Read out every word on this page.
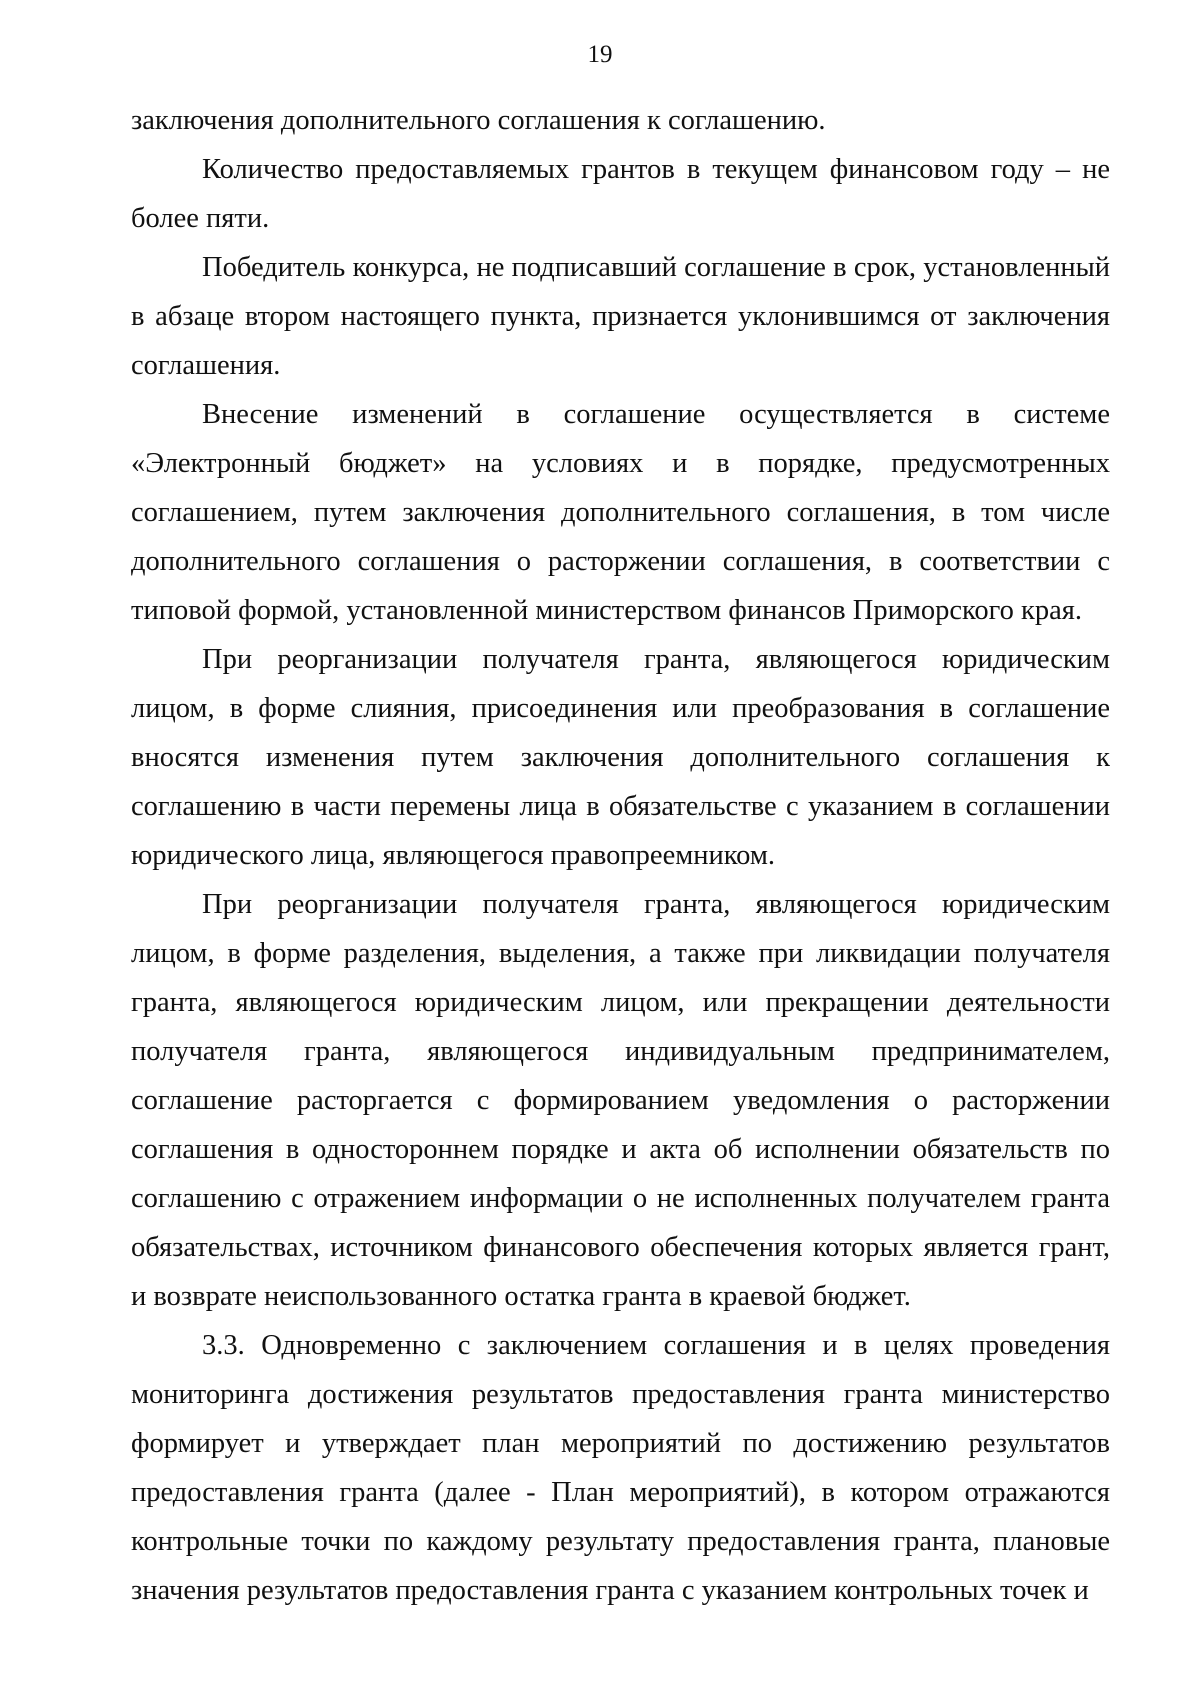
19

заключения дополнительного соглашения к соглашению.

Количество предоставляемых грантов в текущем финансовом году – не более пяти.

Победитель конкурса, не подписавший соглашение в срок, установленный в абзаце втором настоящего пункта, признается уклонившимся от заключения соглашения.

Внесение изменений в соглашение осуществляется в системе «Электронный бюджет» на условиях и в порядке, предусмотренных соглашением, путем заключения дополнительного соглашения, в том числе дополнительного соглашения о расторжении соглашения, в соответствии с типовой формой, установленной министерством финансов Приморского края.

При реорганизации получателя гранта, являющегося юридическим лицом, в форме слияния, присоединения или преобразования в соглашение вносятся изменения путем заключения дополнительного соглашения к соглашению в части перемены лица в обязательстве с указанием в соглашении юридического лица, являющегося правопреемником.

При реорганизации получателя гранта, являющегося юридическим лицом, в форме разделения, выделения, а также при ликвидации получателя гранта, являющегося юридическим лицом, или прекращении деятельности получателя гранта, являющегося индивидуальным предпринимателем, соглашение расторгается с формированием уведомления о расторжении соглашения в одностороннем порядке и акта об исполнении обязательств по соглашению с отражением информации о не исполненных получателем гранта обязательствах, источником финансового обеспечения которых является грант, и возврате неиспользованного остатка гранта в краевой бюджет.

3.3. Одновременно с заключением соглашения и в целях проведения мониторинга достижения результатов предоставления гранта министерство формирует и утверждает план мероприятий по достижению результатов предоставления гранта (далее - План мероприятий), в котором отражаются контрольные точки по каждому результату предоставления гранта, плановые значения результатов предоставления гранта с указанием контрольных точек и
